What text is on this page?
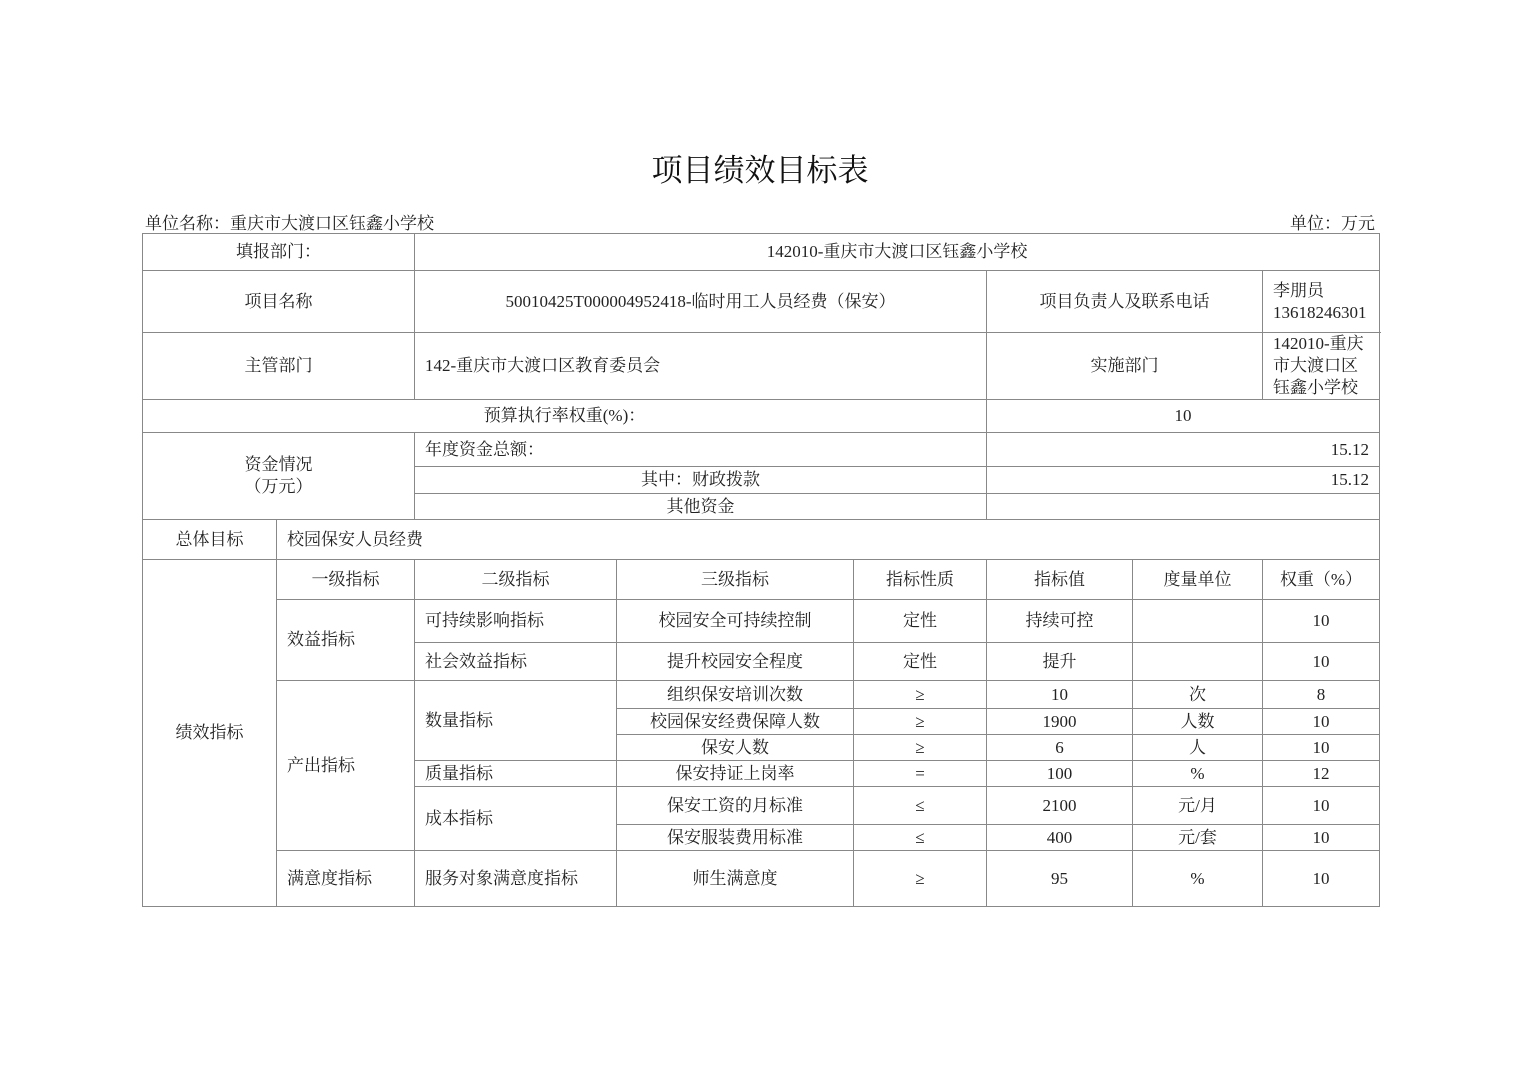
项目绩效目标表
单位名称：重庆市大渡口区钰鑫小学校	单位：万元
填报部门：		142010-重庆市大渡口区钰鑫小学校					
项目名称		50010425T000004952418-临时用工人员经费（保安）			项目负责人及联系电话		李朋员 13618246301
主管部门		142-重庆市大渡口区教育委员会			实施部门		142010-重庆市大渡口区钰鑫小学校
预算执行率权重(%)：					10		

资金情况
（万元）		年度资金总额：			15.12		
		其中：财政拨款			15.12		
		其他资金					
总体目标	校园保安人员经费						
绩效指标	一级指标	二级指标	三级指标	指标性质	指标值	度量单位	权重（%）
	效益指标	可持续影响指标	校园安全可持续控制	定性	持续可控		10
		社会效益指标	提升校园安全程度	定性	提升		10
	产出指标	数量指标	组织保安培训次数	≥	10	次	8
			校园保安经费保障人数	≥	1900	人数	10
			保安人数	≥	6	人	10
		质量指标	保安持证上岗率	=	100	%	12
		成本指标	保安工资的月标准	≤	2100	元/月	10
			保安服装费用标准	≤	400	元/套	10
	满意度指标	服务对象满意度指标	师生满意度	≥	95	%	10
